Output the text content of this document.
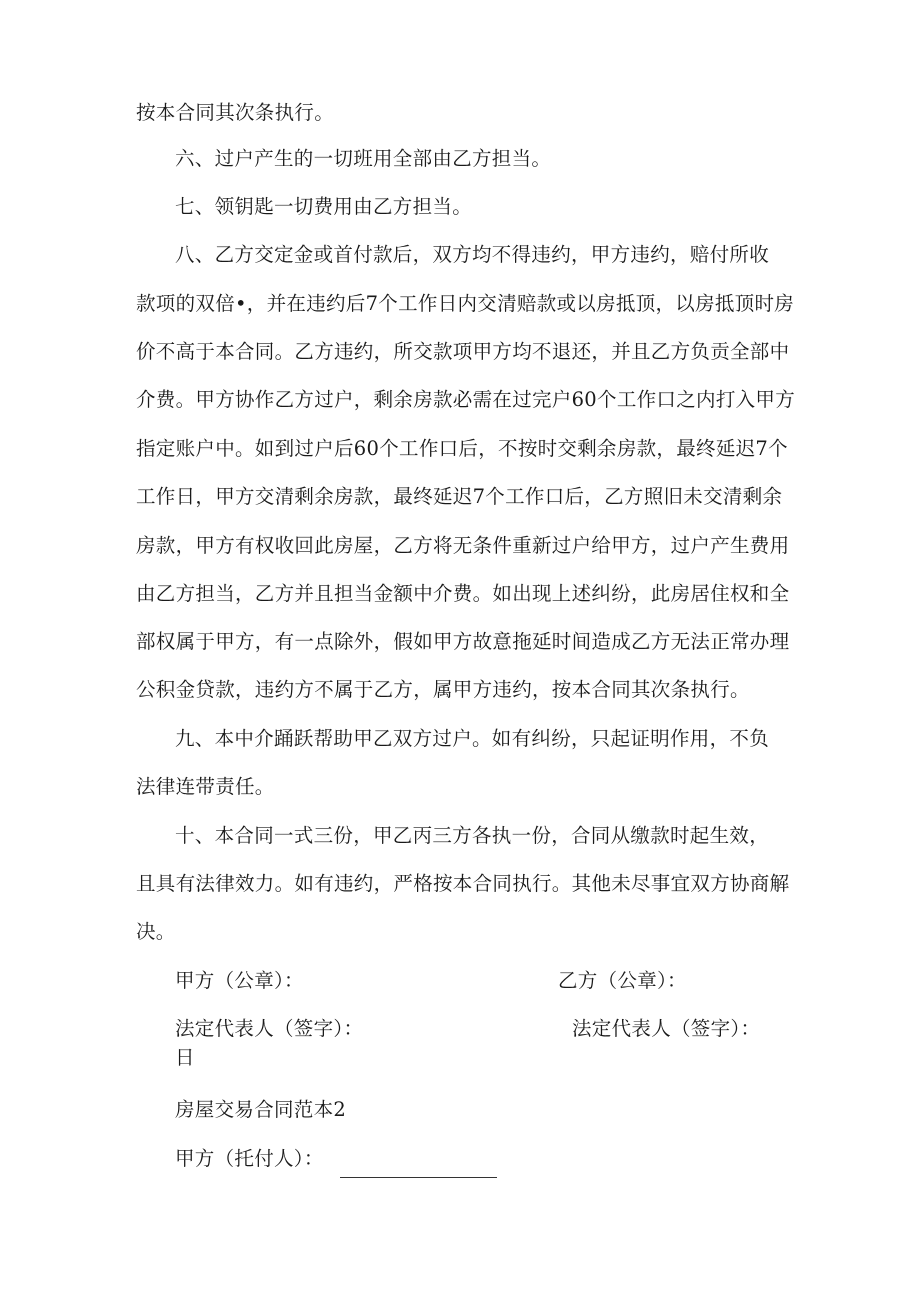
按本合同其次条执行。
六、过户产生的一切班用全部由乙方担当。
七、领钥匙一切费用由乙方担当。
八、乙方交定金或首付款后，双方均不得违约，甲方违约，赔付所收
款项的双倍•，并在违约后7个工作日内交清赔款或以房抵顶，以房抵顶时房
价不高于本合同。乙方违约，所交款项甲方均不退还，并且乙方负贡全部中
介费。甲方协作乙方过户，剩余房款必需在过完户60个工作口之内打入甲方
指定账户中。如到过户后60个工作口后，不按时交剩余房款，最终延迟7个
工作日，甲方交清剩余房款，最终延迟7个工作口后，乙方照旧未交清剩余
房款，甲方有权收回此房屋，乙方将无条件重新过户给甲方，过户产生费用
由乙方担当，乙方并且担当金额中介费。如出现上述纠纷，此房居住权和全
部权属于甲方，有一点除外，假如甲方故意拖延时间造成乙方无法正常办理
公积金贷款，违约方不属于乙方，属甲方违约，按本合同其次条执行。
九、本中介踊跃帮助甲乙双方过户。如有纠纷，只起证明作用，不负
法律连带责任。
十、本合同一式三份，甲乙丙三方各执一份，合同从缴款时起生效，
且具有法律效力。如有违约，严格按本合同执行。其他未尽事宜双方协商解
决。
甲方（公章）：	乙方（公章）：
法定代表人（签字）：	法定代表人（签字）：
日
房屋交易合同范本2
甲方（托付人）：
